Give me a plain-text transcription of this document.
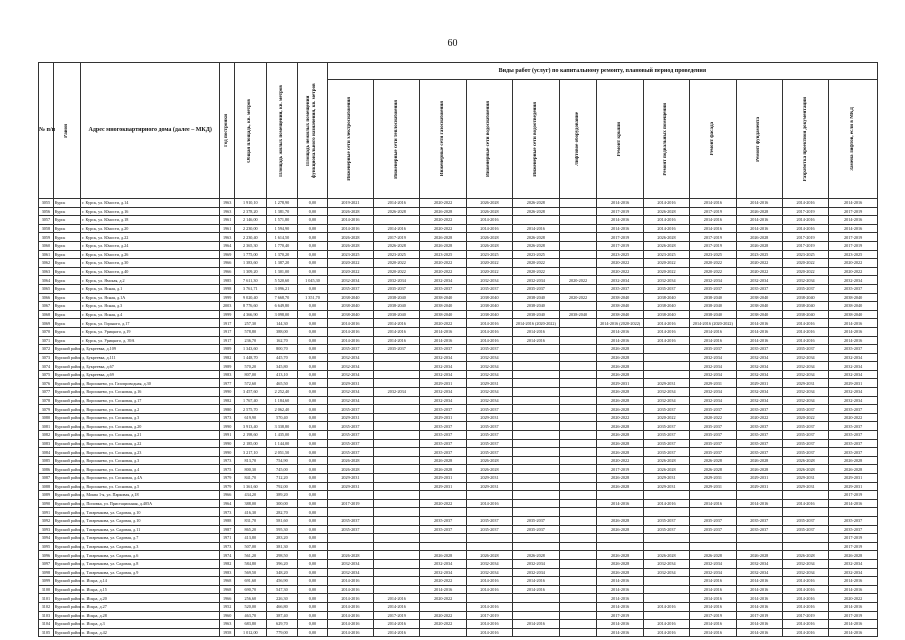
60
№ п/п	Район	Адрес многоквартирного дома (далее – МКД)	Год постройки	Общая площадь, кв. метров	Площадь жилых помещений, кв. метров	Площадь нежилых помещений функционального назначения, кв. метров	Виды работ (услуг) по капитальному ремонту, плановый период проведения											

							Инженерные сети электроснабжения	Инженерные сети теплоснабжения	Инженерные сети газоснабжения	Инженерные сети водоснабжения	Инженерные сети водоотведения	Лифтовое оборудование	Ремонт крыши	Ремонт подвальных помещений	Ремонт фасада	Ремонт фундамента	Разработка проектной документации	Замена лифтов, если в МКД

3055	Курск	г. Курск, ул. Юности, д.14	1963	1 910,10	1 278,90	0,00	2019-2021	2014-2016	2020-2022	2026-2028	2026-2028		2014-2016	2014-2016	2014-2016	2014-2016	2014-2016	2014-2016
3056	Курск	г. Курск, ул. Юности, д.16	1963	2 378,20	1 381,70	0,00	2026-2028	2026-2028	2026-2028	2026-2028	2026-2028		2017-2019	2026-2028	2017-2019	2026-2028	2017-2019	2017-2019
3057	Курск	г. Курск, ул. Юности, д.18	1961	2 146,00	1 571,80	0,00	2014-2016		2020-2022	2014-2016			2014-2016	2014-2016	2014-2016	2014-2016	2014-2016	2014-2016
3058	Курск	г. Курск, ул. Юности, д.20	1961	2 230,00	1 594,90	0,00	2014-2016	2014-2016	2020-2022	2014-2016	2014-2016		2014-2016	2014-2016	2014-2016	2014-2016	2014-2016	2014-2016
3059	Курск	г. Курск, ул. Юности, д.22	1963	2 230,40	1 614,50	0,00	2026-2028	2017-2019	2026-2028	2026-2028	2026-2028		2017-2019	2026-2028	2017-2019	2026-2028	2017-2019	2017-2019
3060	Курск	г. Курск, ул. Юности, д.24	1964	2 365,30	1 770,40	0,00	2026-2028	2026-2028	2026-2028	2026-2028	2026-2028		2017-2019	2026-2028	2017-2019	2026-2028	2017-2019	2017-2019
3061	Курск	г. Курск, ул. Юности, д.26	1969	1 775,00	1 370,20	0,00	2023-2025	2023-2025	2023-2025	2023-2025	2023-2025		2023-2025	2023-2025	2023-2025	2023-2025	2023-2025	2023-2025
3062	Курск	г. Курск, ул. Юности, д.30	1966	1 383,60	1 387,20	0,00	2020-2022	2020-2022	2020-2022	2020-2022	2020-2022		2020-2022	2020-2022	2020-2022	2020-2022	2020-2022	2020-2022
3063	Курск	г. Курск, ул. Юности, д.40	1966	1 309,20	1 301,00	0,00	2020-2022	2020-2022	2020-2022	2020-2022	2020-2022		2020-2022	2020-2022	2020-2022	2020-2022	2020-2022	2020-2022
3064	Курск	г. Курск, ул. Ямская, д.2	1985	7 611,30	5 520,60	1 045,30	2032-2034	2032-2034	2032-2034	2032-2034	2032-2034	2020-2022	2032-2034	2032-2034	2032-2034	2032-2034	2032-2034	2032-2034
3065	Курск	г. Курск, ул. Ясная, д.1	1998	3 761,71	3 096,21	0,00	2035-2037	2035-2037	2035-2037	2035-2037	2035-2037		2035-2037	2035-2037	2035-2037	2035-2037	2035-2037	2035-2037
3066	Курск	г. Курск, ул. Ясная, д.1А	1999	9 020,40	7 668,70	1 351,70	2038-2040	2038-2040	2038-2040	2038-2040	2038-2040	2020-2022	2038-2040	2038-2040	2038-2040	2038-2040	2038-2040	2038-2040
3067	Курск	г. Курск, ул. Ясная, д.3	2003	8 776,60	6 649,80	0,00	2038-2040	2038-2040	2038-2040	2038-2040	2038-2040		2038-2040	2038-2040	2038-2040	2038-2040	2038-2040	2038-2040
3068	Курск	г. Курск, ул. Ясная, д.4	1999	4 366,90	3 098,00	0,00	2038-2040	2038-2040	2038-2040	2038-2040	2038-2040	2038-2040	2038-2040	2038-2040	2038-2040	2038-2040	2038-2040	2038-2040
3069	Курск	г. Курск, ул. Горького, д.17	1917	257,30	144,30	0,00	2014-2016	2014-2016	2020-2022	2014-2016	2014-2016 (2020-2022)		2014-2016 (2020-2022)	2014-2016	2014-2016 (2020-2022)	2014-2016	2014-2016	2014-2016
3070	Курск	г. Курск, ул. Урицкого, д.19	1917	578,80	388,00	0,00	2014-2016	2014-2016	2014-2016	2014-2016	2014-2016		2014-2016	2014-2016	2014-2016	2014-2016	2014-2016	2014-2016
3071	Курск	г. Курск, ул. Урицкого, д. 39А	1917	236,70	162,70	0,00	2014-2016	2014-2016	2014-2016	2014-2016	2014-2016		2014-2016	2014-2016	2014-2016	2014-2016	2014-2016	2014-2016
3072	Курский район	д. Букреевка, д.109	1989	1 343,60	800,70	0,00	2035-2037	2035-2037	2035-2037	2035-2037			2026-2028		2035-2037	2035-2037	2035-2037	2035-2037
3073	Курский район	д. Букреевка, д.111	1982	1 448,70	445,70	0,00	2032-2034		2032-2034	2032-2034			2026-2028		2032-2034	2032-2034	2032-2034	2032-2034
3074	Курский район	д. Букреевка, д.67	1989	570,20	345,80	0,00	2032-2034		2032-2034	2032-2034			2026-2028		2032-2034	2032-2034	2032-2034	2032-2034
3075	Курский район	д. Букреевка, д.69	1983	807,00	413,10	0,00	2032-2034		2032-2034	2032-2034			2026-2028		2032-2034	2032-2034	2032-2034	2032-2034
3076	Курский район	д. Ворошнево, ул. Газопроводная, д.30	1977	572,60	465,50	0,00	2029-2031		2029-2031	2029-2031			2029-2031	2029-2031	2029-2031	2029-2031	2029-2031	2029-2031
3077	Курский район	д. Ворошнево, ул. Сосновая, д.16	1990	3 457,60	2 252,40	0,00	2032-2034	2032-2034	2032-2034	2032-2034			2026-2028	2032-2034	2032-2034	2032-2034	2032-2034	2032-2034
3078	Курский район	д. Ворошнево, ул. Сосновая, д.17	1982	1 767,40	1 184,60	0,00	2032-2034		2032-2034	2032-2034			2026-2028	2032-2034	2032-2034	2032-2034	2032-2034	2032-2034
3079	Курский район	д. Ворошнево, ул. Сосновая, д.2	1980	2 575,70	2 062,40	0,00	2035-2037		2035-2037	2035-2037			2026-2028	2035-2037	2035-2037	2035-2037	2035-2037	2035-2037
3080	Курский район	д. Ворошнево, ул. Сосновая, д.3	1973	619,90	570,40	0,00	2029-2031		2029-2031	2029-2031			2020-2022	2020-2022	2020-2022	2020-2022	2020-2022	2020-2022
3081	Курский район	д. Ворошнево, ул. Сосновая, д.20	1990	3 913,40	3 338,80	0,00	2035-2037		2035-2037	2035-2037			2026-2028	2035-2037	2035-2037	2035-2037	2035-2037	2035-2037
3082	Курский район	д. Ворошнево, ул. Сосновая, д.21	1991	2 198,60	1 435,00	0,00	2035-2037		2035-2037	2035-2037			2026-2028	2035-2037	2035-2037	2035-2037	2035-2037	2035-2037
3083	Курский район	д. Ворошнево, ул. Сосновая, д.22	1990	2 185,00	1 144,00	0,00	2035-2037		2035-2037	2035-2037			2026-2028	2035-2037	2035-2037	2035-2037	2035-2037	2035-2037
3084	Курский район	д. Ворошнево, ул. Сосновая, д.23	1990	3 217,10	2 051,50	0,00	2035-2037		2035-2037	2035-2037			2026-2028	2035-2037	2035-2037	2035-2037	2035-2037	2035-2037
3085	Курский район	д. Ворошнево, ул. Сосновая, д.3	1973	813,70	754,90	0,00	2026-2028		2026-2028	2026-2028			2020-2022	2026-2028	2026-2028	2026-2028	2026-2028	2026-2028
3086	Курский район	д. Ворошнево, ул. Сосновая, д.4	1975	800,30	745,00	0,00	2026-2028		2026-2028	2026-2028			2017-2019	2026-2028	2026-2028	2026-2028	2026-2028	2026-2028
3087	Курский район	д. Ворошнево, ул. Сосновая, д.4А	1979	841,70	712,20	0,00	2029-2031		2029-2031	2029-2031			2026-2028	2029-2031	2029-2031	2029-2031	2029-2031	2029-2031
3088	Курский район	д. Ворошнево, ул. Сосновая, д.5	1979	1 361,60	792,00	0,00	2029-2031		2029-2031	2029-2031			2026-2028	2029-2031	2029-2031	2029-2031	2029-2031	2029-2031
3089	Курский район	д. Моква 1-я, ул. Парковая, д.18	1966	434,20	389,20	0,00												2017-2019
3090	Курский район	д. Поповка, ул. Пристационная, д.405А	1964	388,00	300,00	0,00	2017-2019		2020-2022	2014-2016			2014-2016	2014-2016	2014-2016	2014-2016	2014-2016	2014-2016
3091	Курский район	д. Татаренкова, ул. Садовая, д.10	1973	416,30	282,70	0,00												
3092	Курский район	д. Татаренкова, ул. Садовая, д.10	1988	831,70	581,60	0,00	2035-2037		2035-2037	2035-2037	2035-2037		2026-2028	2035-2037	2035-2037	2035-2037	2035-2037	2035-2037
3093	Курский район	д. Татаренкова, ул. Садовая, д.11	1987	865,20	595,30	0,00	2035-2037		2035-2037	2035-2037	2035-2037		2026-2028	2035-2037	2035-2037	2035-2037	2035-2037	2035-2037
3094	Курский район	д. Татаренкова, ул. Садовая, д.7	1971	413,80	283,20	0,00												2017-2019
3095	Курский район	д. Татаренкова, ул. Садовая, д.3	1973	507,00	381,30	0,00												2017-2019
3096	Курский район	д. Татаренкова, ул. Садовая, д.6	1974	561,20	298,50	0,00	2026-2028		2026-2028	2026-2028	2026-2028		2026-2028	2026-2028	2026-2028	2026-2028	2026-2028	2026-2028
3097	Курский район	д. Татаренкова, ул. Садовая, д.8	1982	584,80	396,20	0,00	2032-2034		2032-2034	2032-2034	2032-2034		2026-2028	2032-2034	2032-2034	2032-2034	2032-2034	2032-2034
3098	Курский район	д. Татаренкова, ул. Садовая, д.9	1983	569,50	348,20	0,00	2032-2034		2032-2034	2032-2034	2032-2034		2026-2028	2032-2034	2032-2034	2032-2034	2032-2034	2032-2034
3099	Курский район	п. Искра, д.14	1968	691,60	456,90	0,00	2014-2016		2020-2022	2014-2016	2014-2016		2014-2016		2014-2016	2014-2016	2014-2016	2014-2016
3100	Курский район	п. Искра, д.15	1968	690,70	547,30	0,00	2014-2016		2014-2016	2014-2016	2014-2016		2014-2016		2014-2016	2014-2016	2014-2016	2014-2016
3101	Курский район	п. Искра, д.20	1966	256,60	226,30	0,00	2014-2016	2014-2016	2020-2022				2014-2016		2014-2016	2014-2016	2014-2016	2020-2022
3102	Курский район	п. Искра, д.27	1952	520,00	466,80	0,00	2014-2016	2014-2016		2014-2016			2014-2016	2014-2016	2014-2016	2014-2016	2014-2016	2014-2016
3103	Курский район	п. Искра, д.28	1960	463,70	387,40	0,00	2014-2016	2017-2019	2020-2022	2017-2019			2017-2019		2017-2019	2017-2019	2017-2019	2017-2019
3104	Курский район	п. Искра, д.3	1963	683,80	629,70	0,00	2014-2016	2014-2016	2020-2022	2014-2016	2014-2016		2014-2016	2014-2016	2014-2016	2014-2016	2014-2016	2014-2016
3105	Курский район	п. Искра, д.42	1958	1 012,00	779,00	0,00	2014-2016	2014-2016		2014-2016			2014-2016	2014-2016	2014-2016	2014-2016	2014-2016	2014-2016
